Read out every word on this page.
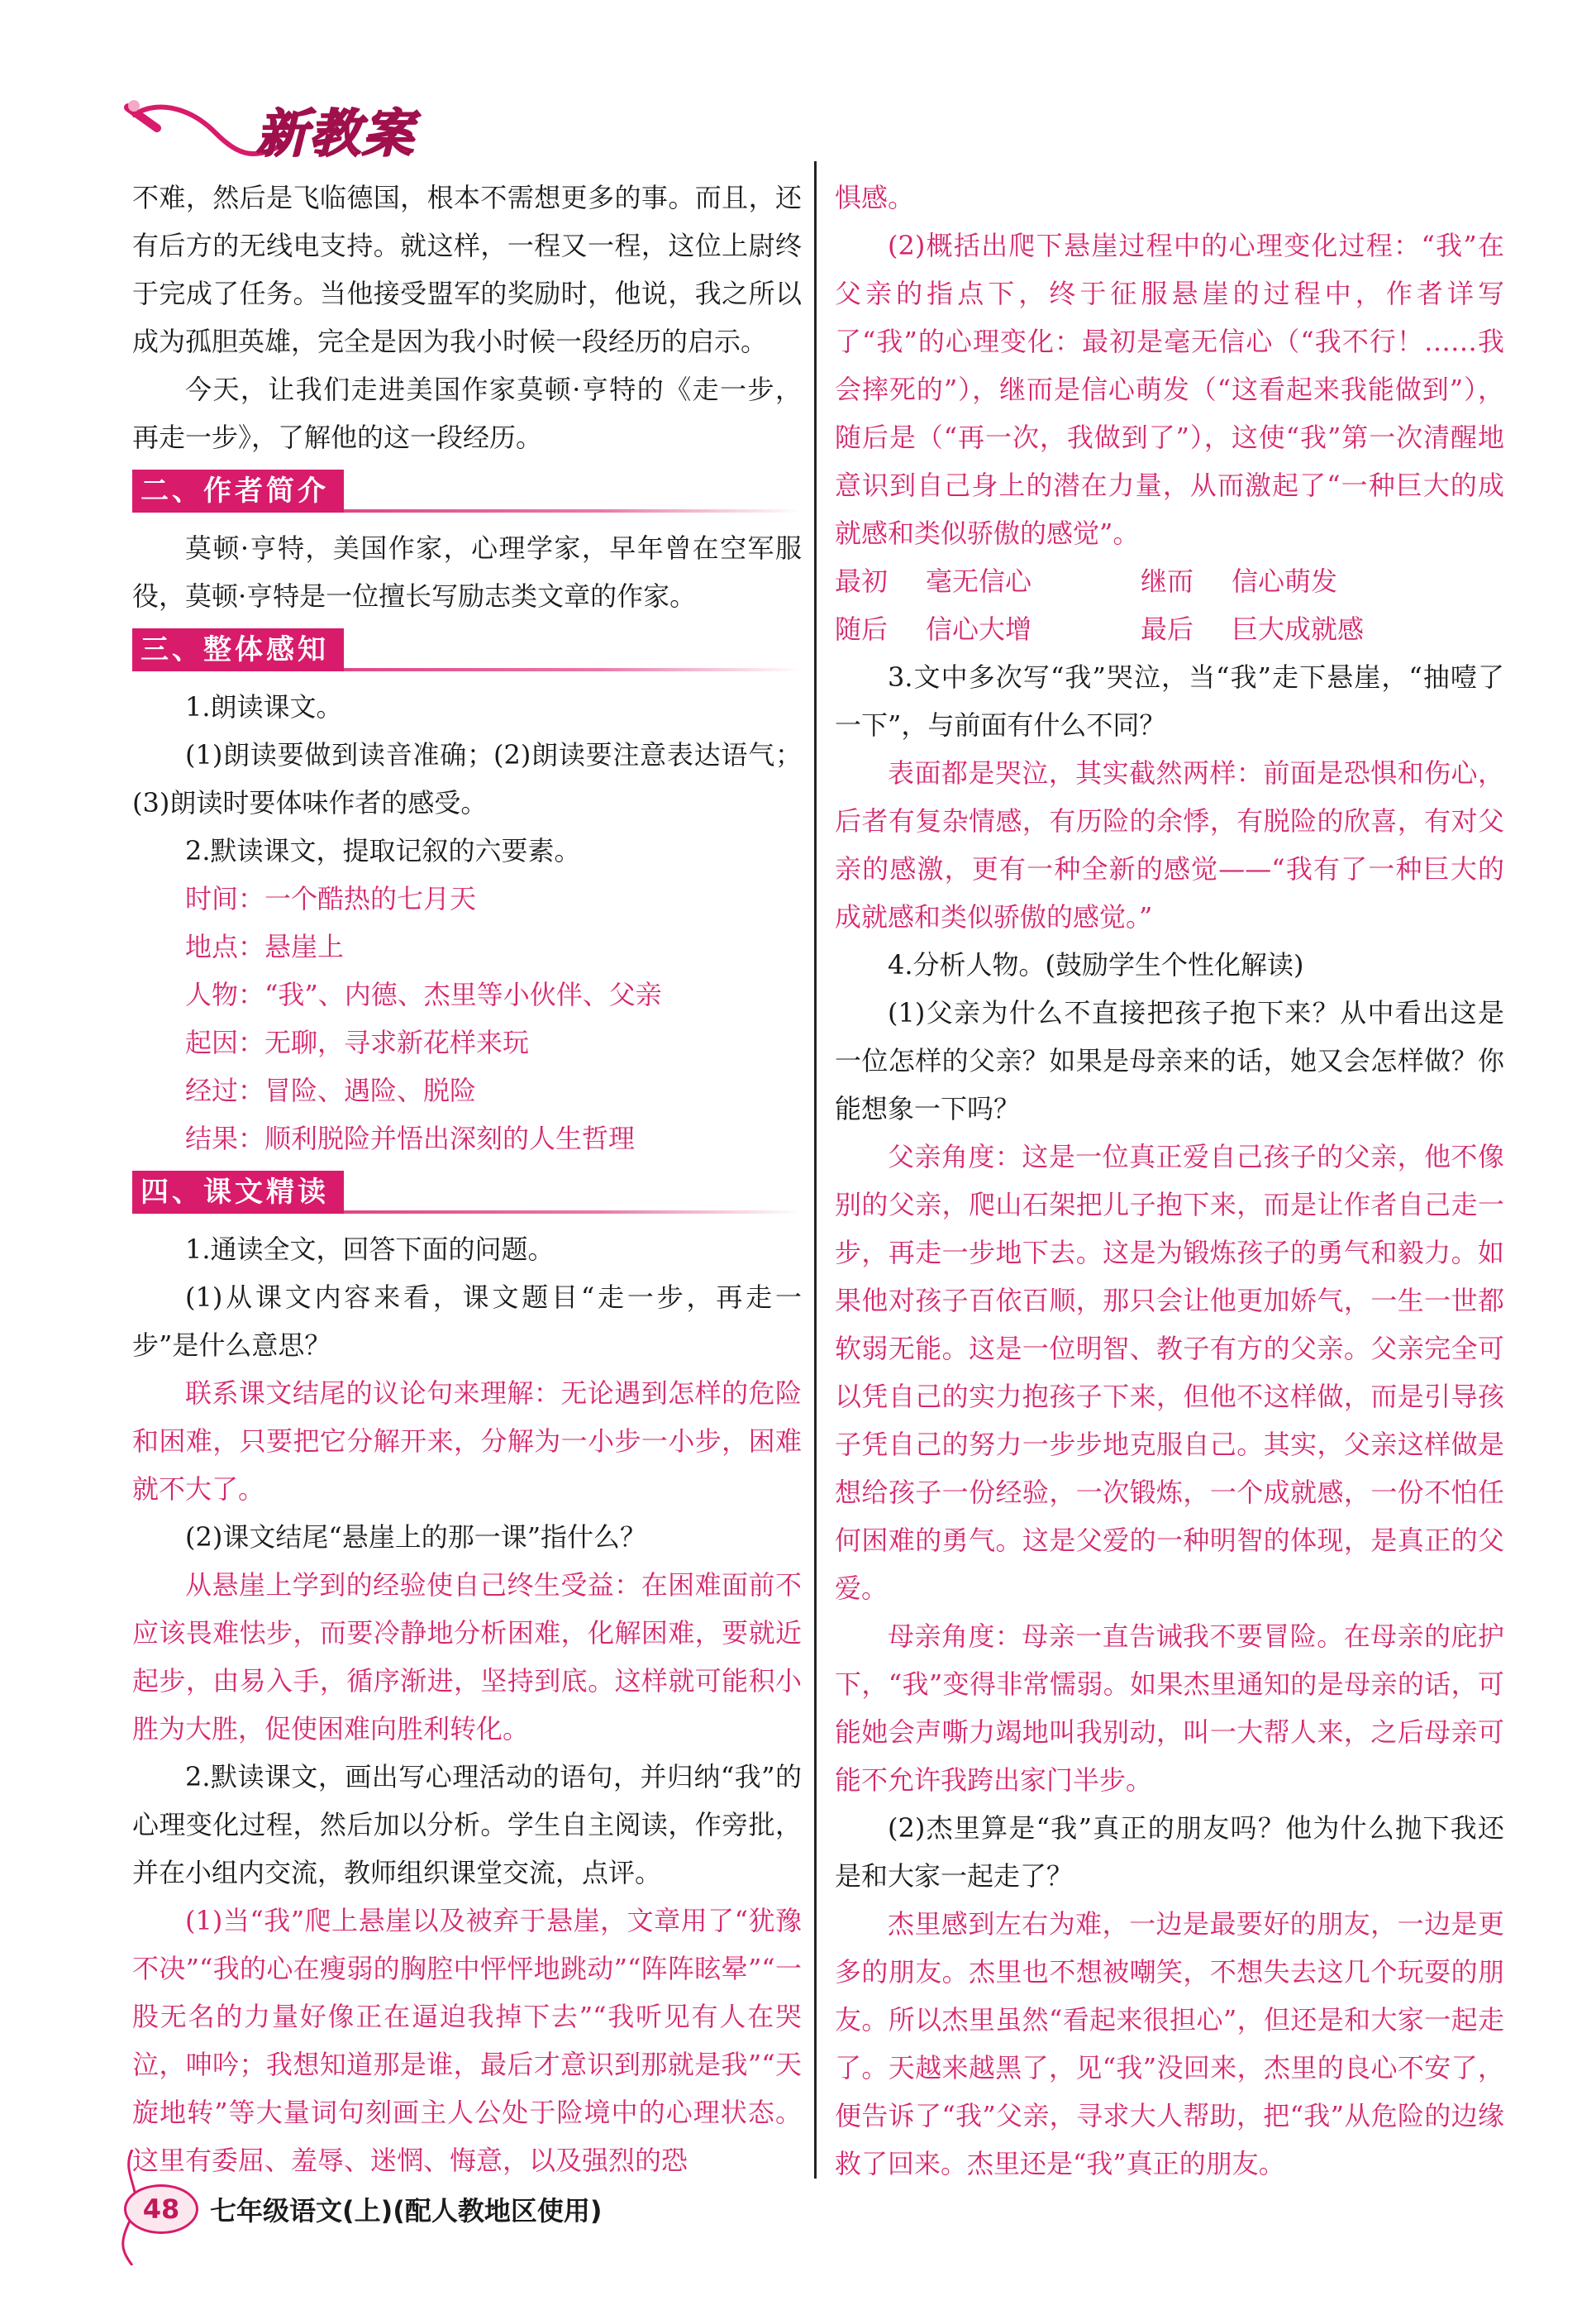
新教案

不难，然后是飞临德国，根本不需想更多的事。而且，还有后方的无线电支持。就这样，一程又一程，这位上尉终于完成了任务。当他接受盟军的奖励时，他说，我之所以成为孤胆英雄，完全是因为我小时候一段经历的启示。

今天，让我们走进美国作家莫顿·亨特的《走一步，再走一步》，了解他的这一段经历。

二、作者简介

莫顿·亨特，美国作家，心理学家，早年曾在空军服役，莫顿·亨特是一位擅长写励志类文章的作家。

三、整体感知

1.朗读课文。

(1)朗读要做到读音准确；(2)朗读要注意表达语气；(3)朗读时要体味作者的感受。

2.默读课文，提取记叙的六要素。

时间：一个酷热的七月天

地点：悬崖上

人物：“我”、内德、杰里等小伙伴、父亲

起因：无聊，寻求新花样来玩

经过：冒险、遇险、脱险

结果：顺利脱险并悟出深刻的人生哲理

四、课文精读

1.通读全文，回答下面的问题。

(1)从课文内容来看，课文题目“走一步，再走一步”是什么意思？

联系课文结尾的议论句来理解：无论遇到怎样的危险和困难，只要把它分解开来，分解为一小步一小步，困难就不大了。

(2)课文结尾“悬崖上的那一课”指什么？

从悬崖上学到的经验使自己终生受益：在困难面前不应该畏难怯步，而要冷静地分析困难，化解困难，要就近起步，由易入手，循序渐进，坚持到底。这样就可能积小胜为大胜，促使困难向胜利转化。

2.默读课文，画出写心理活动的语句，并归纳“我”的心理变化过程，然后加以分析。学生自主阅读，作旁批，并在小组内交流，教师组织课堂交流，点评。

(1)当“我”爬上悬崖以及被弃于悬崖，文章用了“犹豫不决”“我的心在瘦弱的胸腔中怦怦地跳动”“阵阵眩晕”“一股无名的力量好像正在逼迫我掉下去”“我听见有人在哭泣，呻吟；我想知道那是谁，最后才意识到那就是我”“天旋地转”等大量词句刻画主人公处于险境中的心理状态。这里有委屈、羞辱、迷惘、悔意，以及强烈的恐

惧感。

(2)概括出爬下悬崖过程中的心理变化过程：“我”在父亲的指点下，终于征服悬崖的过程中，作者详写了“我”的心理变化：最初是毫无信心（“我不行！……我会摔死的”），继而是信心萌发（“这看起来我能做到”），随后是（“再一次，我做到了”），这使“我”第一次清醒地意识到自己身上的潜在力量，从而激起了“一种巨大的成就感和类似骄傲的感觉”。

最初	毫无信心	继而	信心萌发
随后	信心大增	最后	巨大成就感

3.文中多次写“我”哭泣，当“我”走下悬崖，“抽噎了一下”，与前面有什么不同？

表面都是哭泣，其实截然两样：前面是恐惧和伤心，后者有复杂情感，有历险的余悸，有脱险的欣喜，有对父亲的感激，更有一种全新的感觉——“我有了一种巨大的成就感和类似骄傲的感觉。”

4.分析人物。(鼓励学生个性化解读)

(1)父亲为什么不直接把孩子抱下来？从中看出这是一位怎样的父亲？如果是母亲来的话，她又会怎样做？你能想象一下吗？

父亲角度：这是一位真正爱自己孩子的父亲，他不像别的父亲，爬山石架把儿子抱下来，而是让作者自己走一步，再走一步地下去。这是为锻炼孩子的勇气和毅力。如果他对孩子百依百顺，那只会让他更加娇气，一生一世都软弱无能。这是一位明智、教子有方的父亲。父亲完全可以凭自己的实力抱孩子下来，但他不这样做，而是引导孩子凭自己的努力一步步地克服自己。其实，父亲这样做是想给孩子一份经验，一次锻炼，一个成就感，一份不怕任何困难的勇气。这是父爱的一种明智的体现，是真正的父爱。

母亲角度：母亲一直告诫我不要冒险。在母亲的庇护下，“我”变得非常懦弱。如果杰里通知的是母亲的话，可能她会声嘶力竭地叫我别动，叫一大帮人来，之后母亲可能不允许我跨出家门半步。

(2)杰里算是“我”真正的朋友吗？他为什么抛下我还是和大家一起走了？

杰里感到左右为难，一边是最要好的朋友，一边是更多的朋友。杰里也不想被嘲笑，不想失去这几个玩耍的朋友。所以杰里虽然“看起来很担心”，但还是和大家一起走了。天越来越黑了，见“我”没回来，杰里的良心不安了，便告诉了“我”父亲，寻求大人帮助，把“我”从危险的边缘救了回来。杰里还是“我”真正的朋友。

48	七年级语文(上)(配人教地区使用)
